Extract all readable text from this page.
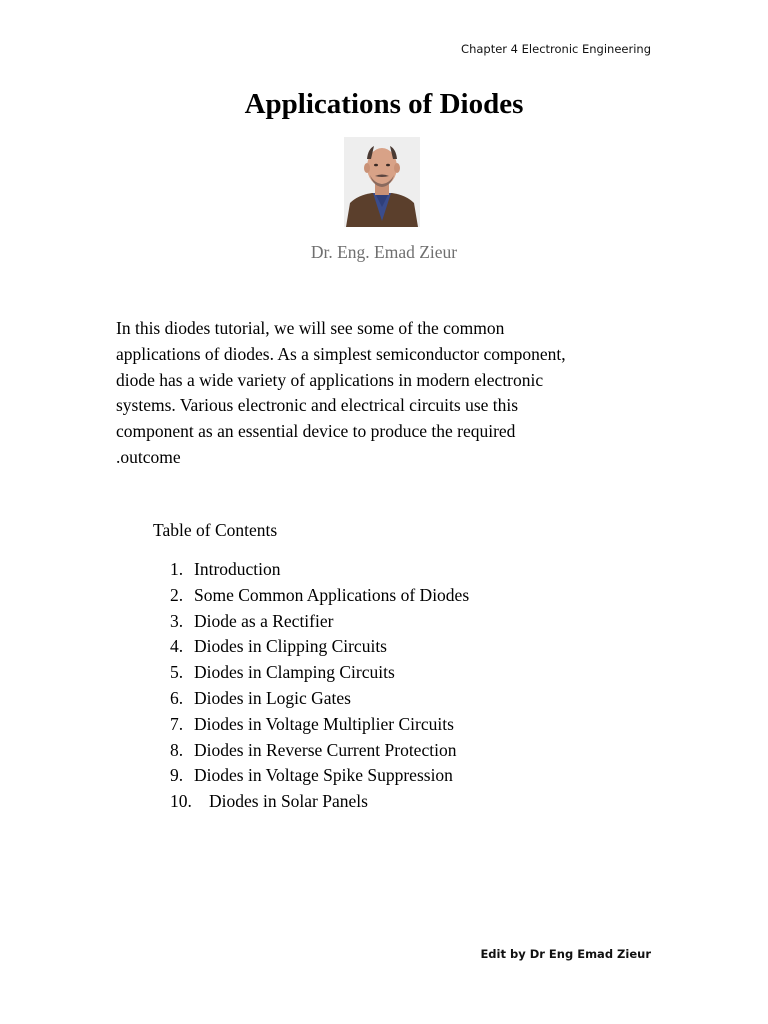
Chapter 4 Electronic Engineering
Applications of Diodes
Dr. Eng. Emad Zieur

In this diodes tutorial, we will see some of the common

applications of diodes. As a simplest semiconductor component,

diode has a wide variety of applications in modern electronic

systems. Various electronic and electrical circuits use this

component as an essential device to produce the required

.outcome

Table of Contents
1. Introduction
2. Some Common Applications of Diodes
3. Diode as a Rectifier
4. Diodes in Clipping Circuits
5. Diodes in Clamping Circuits
6. Diodes in Logic Gates
7. Diodes in Voltage Multiplier Circuits
8. Diodes in Reverse Current Protection
9. Diodes in Voltage Spike Suppression
10. Diodes in Solar Panels
Edit by Dr Eng Emad Zieur
